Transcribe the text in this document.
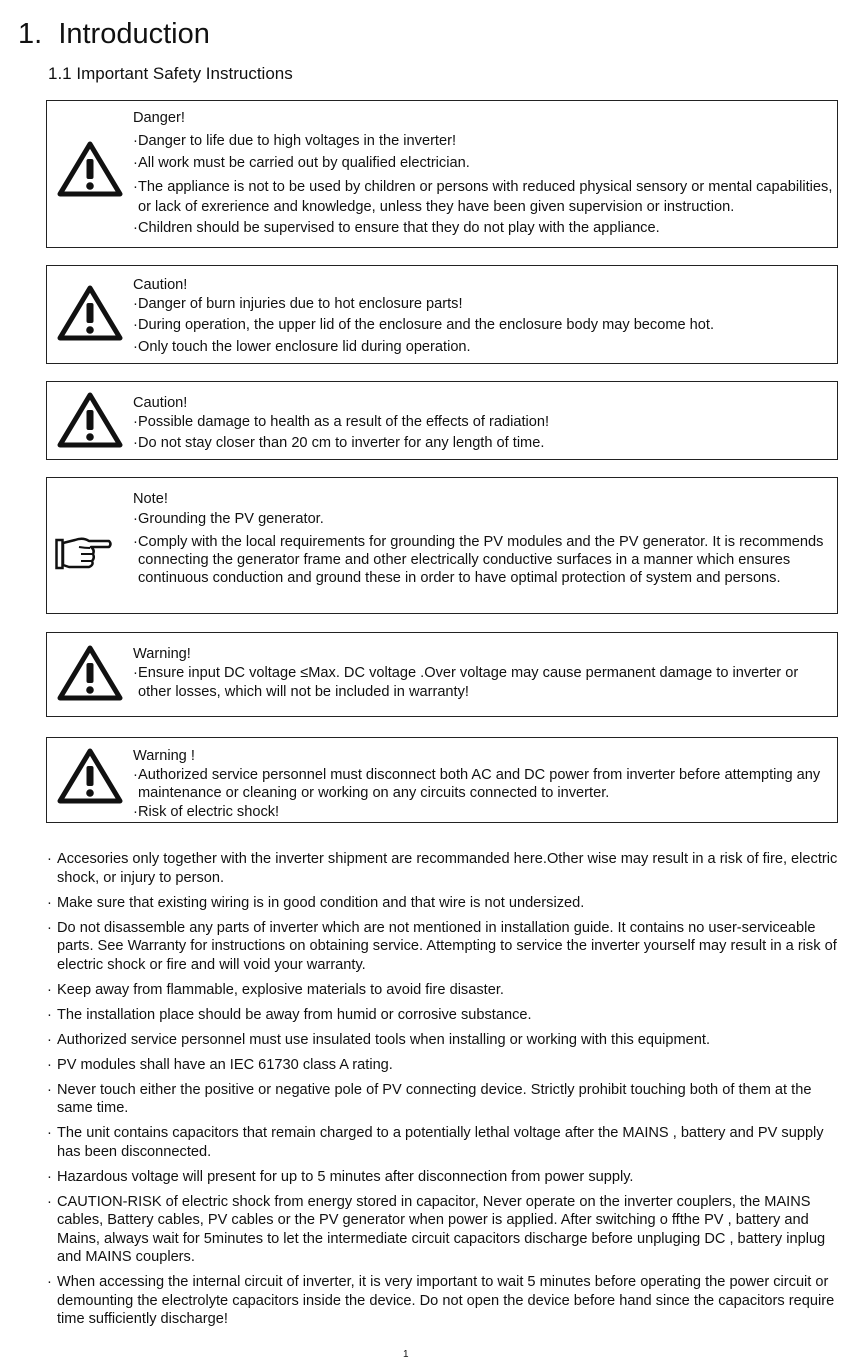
1. Introduction
1.1 Important Safety Instructions
Danger!
· Danger to life due to high voltages in the inverter!
· All work must be carried out by qualified electrician.
· The appliance is not to be used by children or persons with reduced physical sensory or mental capabilities, or lack of exrerience and knowledge, unless they have been given supervision or instruction.
· Children should be supervised to ensure that they do not play with the appliance.
Caution!
· Danger of burn injuries due to hot enclosure parts!
· During operation, the upper lid of the enclosure and the enclosure body may become hot.
· Only touch the lower enclosure lid during operation.
Caution!
· Possible damage to health as a result of the effects of radiation!
· Do not stay closer than 20 cm to inverter for any length of time.
Note!
· Grounding the PV generator.
· Comply with the local requirements for grounding the PV modules and the PV generator. It is recommends connecting the generator frame and other electrically conductive surfaces in a manner which ensures continuous conduction and ground these in order to have optimal protection of system and persons.
Warning!
· Ensure input DC voltage ≤Max. DC voltage .Over voltage may cause permanent damage to inverter or other losses, which will not be included in warranty!
Warning !
· Authorized service personnel must disconnect both AC and DC power from inverter before attempting any maintenance or cleaning or working on any circuits connected to inverter.
· Risk of electric shock!
· Accesories only together with the inverter shipment are recommanded here.Other wise may result in a risk of fire, electric shock, or injury to person.
· Make sure that existing wiring is in good condition and that wire is not undersized.
· Do not disassemble any parts of inverter which are not mentioned in installation guide. It contains no user-serviceable parts. See Warranty for instructions on obtaining service. Attempting to service the inverter yourself may result in a risk of electric shock or fire and will void your warranty.
· Keep away from flammable, explosive materials to avoid fire disaster.
· The installation place should be away from humid or corrosive substance.
· Authorized service personnel must use insulated tools when installing or working with this equipment.
· PV modules shall have an IEC 61730 class A rating.
· Never touch either the positive or negative pole of PV connecting device. Strictly prohibit touching both of them at the same time.
· The unit contains capacitors that remain charged to a potentially lethal voltage after the MAINS , battery and PV supply has been disconnected.
· Hazardous voltage will present for up to 5 minutes after disconnection from power supply.
· CAUTION-RISK of electric shock from energy stored in capacitor, Never operate on the inverter couplers, the MAINS cables, Battery cables, PV cables or the PV generator when power is applied. After switching o ffthe PV , battery and Mains, always wait for 5minutes to let the intermediate circuit capacitors discharge before unpluging DC , battery inplug and MAINS couplers.
· When accessing the internal circuit of inverter, it is very important to wait 5 minutes before operating the power circuit or demounting the electrolyte capacitors inside the device. Do not open the device before hand since the capacitors require time sufficiently discharge!
1
